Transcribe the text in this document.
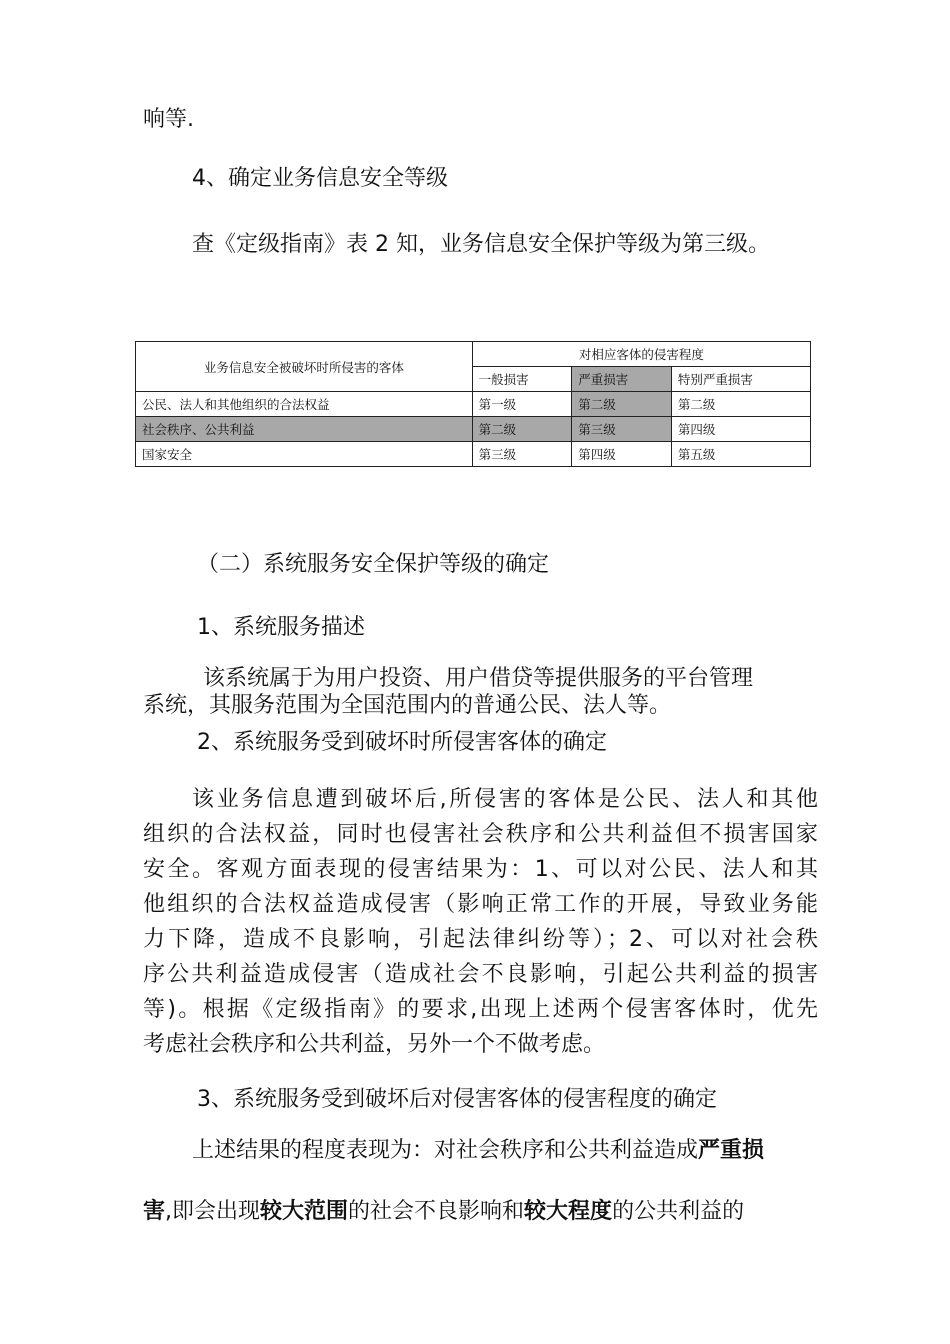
响等.
4、确定业务信息安全等级
查《定级指南》表 2 知，业务信息安全保护等级为第三级。
业务信息安全被破坏时所侵害的客体	对相应客体的侵害程度		
	一般损害	严重损害	特别严重损害
公民、法人和其他组织的合法权益	第一级	第二级	第二级
社会秩序、公共利益	第二级	第三级	第四级
国家安全	第三级	第四级	第五级
（二）系统服务安全保护等级的确定
1、系统服务描述
该系统属于为用户投资、用户借贷等提供服务的平台管理
系统，其服务范围为全国范围内的普通公民、法人等。
2、系统服务受到破坏时所侵害客体的确定
该业务信息遭到破坏后,所侵害的客体是公民、法人和其他
组织的合法权益，同时也侵害社会秩序和公共利益但不损害国家
安全。客观方面表现的侵害结果为：1、可以对公民、法人和其
他组织的合法权益造成侵害（影响正常工作的开展，导致业务能
力下降，造成不良影响，引起法律纠纷等）；2、可以对社会秩
序公共利益造成侵害（造成社会不良影响，引起公共利益的损害
等)。根据《定级指南》的要求,出现上述两个侵害客体时，优先
考虑社会秩序和公共利益，另外一个不做考虑。
3、系统服务受到破坏后对侵害客体的侵害程度的确定
上述结果的程度表现为：对社会秩序和公共利益造成严重损
害,即会出现较大范围的社会不良影响和较大程度的公共利益的
